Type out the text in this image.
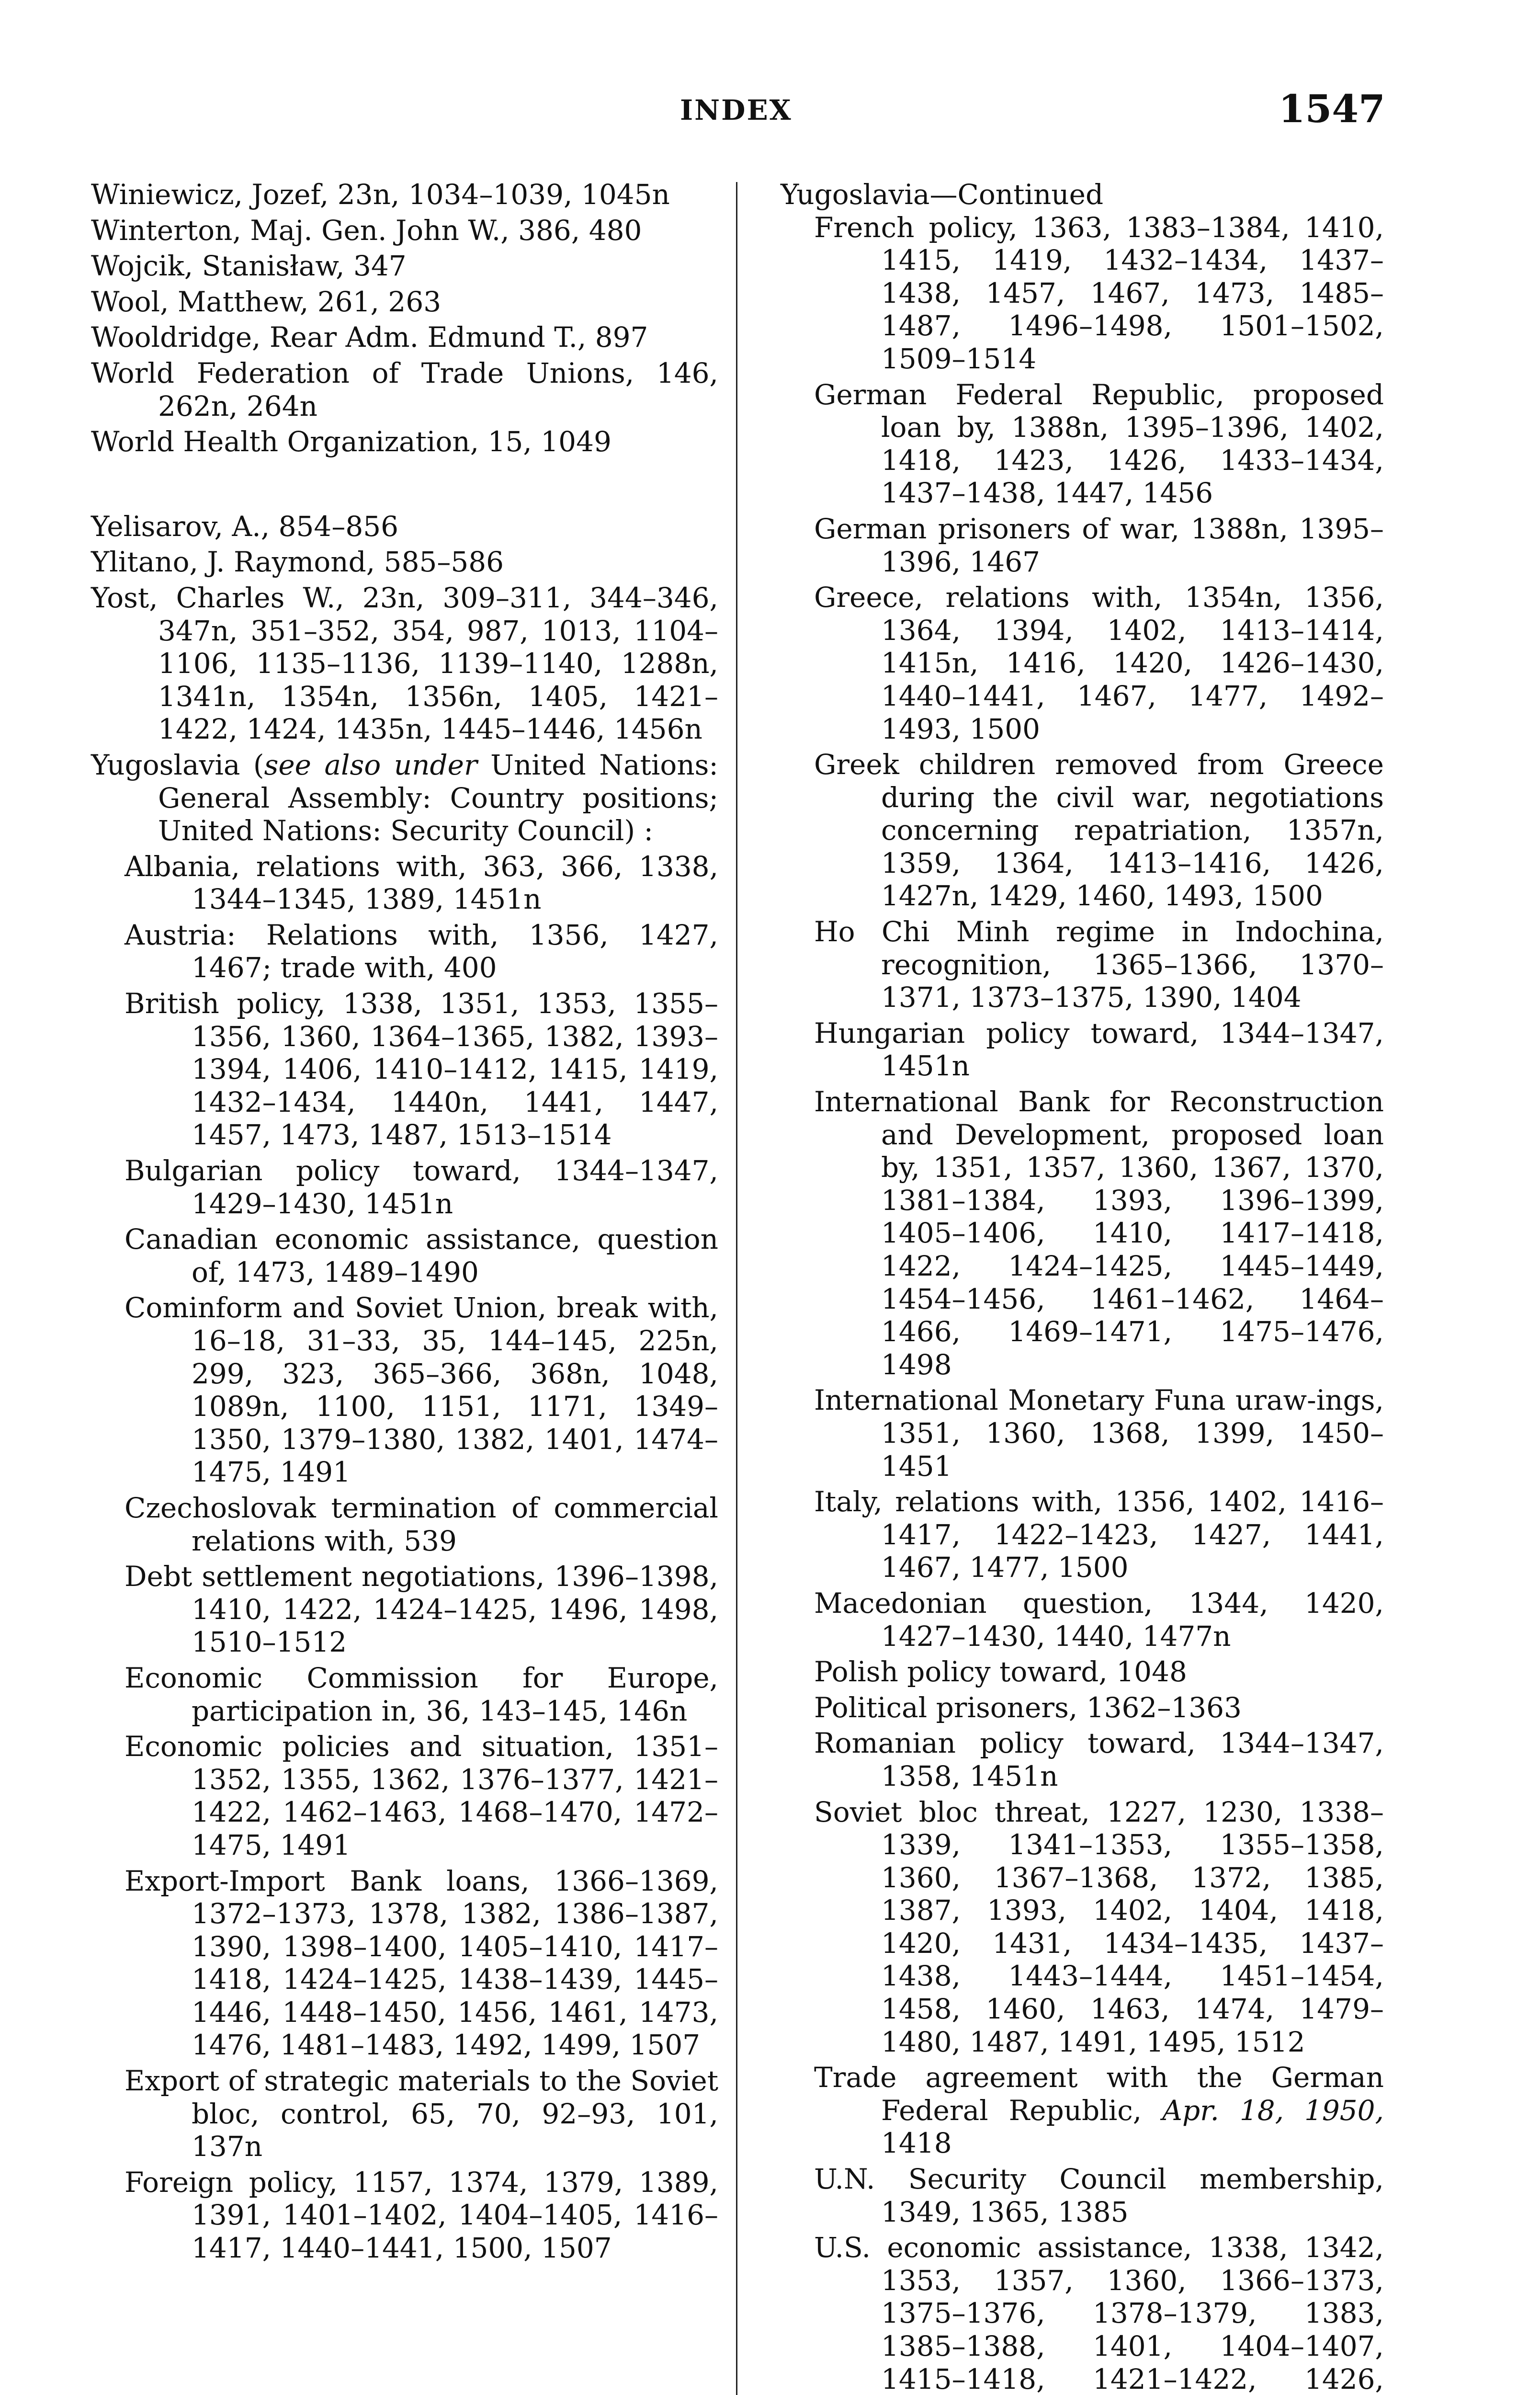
INDEX	1547

Winiewicz, Jozef, 23n, 1034–1039, 1045n

Winterton, Maj. Gen. John W., 386, 480

Wojcik, Stanisław, 347

Wool, Matthew, 261, 263

Wooldridge, Rear Adm. Edmund T., 897

World Federation of Trade Unions, 146, 262n, 264n

World Health Organization, 15, 1049

Yelisarov, A., 854–856

Ylitano, J. Raymond, 585–586

Yost, Charles W., 23n, 309–311, 344–346, 347n, 351–352, 354, 987, 1013, 1104–1106, 1135–1136, 1139–1140, 1288n, 1341n, 1354n, 1356n, 1405, 1421–1422, 1424, 1435n, 1445–1446, 1456n

Yugoslavia (see also under United Nations: General Assembly: Country positions; United Nations: Security Council) :

Albania, relations with, 363, 366, 1338, 1344–1345, 1389, 1451n

Austria: Relations with, 1356, 1427, 1467; trade with, 400

British policy, 1338, 1351, 1353, 1355–1356, 1360, 1364–1365, 1382, 1393–1394, 1406, 1410–1412, 1415, 1419, 1432–1434, 1440n, 1441, 1447, 1457, 1473, 1487, 1513–1514

Bulgarian policy toward, 1344–1347, 1429–1430, 1451n

Canadian economic assistance, question of, 1473, 1489–1490

Cominform and Soviet Union, break with, 16–18, 31–33, 35, 144–145, 225n, 299, 323, 365–366, 368n, 1048, 1089n, 1100, 1151, 1171, 1349–1350, 1379–1380, 1382, 1401, 1474–1475, 1491

Czechoslovak termination of commercial relations with, 539

Debt settlement negotiations, 1396–1398, 1410, 1422, 1424–1425, 1496, 1498, 1510–1512

Economic Commission for Europe, participation in, 36, 143–145, 146n

Economic policies and situation, 1351–1352, 1355, 1362, 1376–1377, 1421–1422, 1462–1463, 1468–1470, 1472–1475, 1491

Export-Import Bank loans, 1366–1369, 1372–1373, 1378, 1382, 1386–1387, 1390, 1398–1400, 1405–1410, 1417–1418, 1424–1425, 1438–1439, 1445–1446, 1448–1450, 1456, 1461, 1473, 1476, 1481–1483, 1492, 1499, 1507

Export of strategic materials to the Soviet bloc, control, 65, 70, 92–93, 101, 137n

Foreign policy, 1157, 1374, 1379, 1389, 1391, 1401–1402, 1404–1405, 1416–1417, 1440–1441, 1500, 1507

Yugoslavia—Continued

French policy, 1363, 1383–1384, 1410, 1415, 1419, 1432–1434, 1437–1438, 1457, 1467, 1473, 1485–1487, 1496–1498, 1501–1502, 1509–1514

German Federal Republic, proposed loan by, 1388n, 1395–1396, 1402, 1418, 1423, 1426, 1433–1434, 1437–1438, 1447, 1456

German prisoners of war, 1388n, 1395–1396, 1467

Greece, relations with, 1354n, 1356, 1364, 1394, 1402, 1413–1414, 1415n, 1416, 1420, 1426–1430, 1440–1441, 1467, 1477, 1492–1493, 1500

Greek children removed from Greece during the civil war, negotiations concerning repatriation, 1357n, 1359, 1364, 1413–1416, 1426, 1427n, 1429, 1460, 1493, 1500

Ho Chi Minh regime in Indochina, recognition, 1365–1366, 1370–1371, 1373–1375, 1390, 1404

Hungarian policy toward, 1344–1347, 1451n

International Bank for Reconstruction and Development, proposed loan by, 1351, 1357, 1360, 1367, 1370, 1381–1384, 1393, 1396–1399, 1405–1406, 1410, 1417–1418, 1422, 1424–1425, 1445–1449, 1454–1456, 1461–1462, 1464–1466, 1469–1471, 1475–1476, 1498

International Monetary Funa uraw-ings, 1351, 1360, 1368, 1399, 1450–1451

Italy, relations with, 1356, 1402, 1416–1417, 1422–1423, 1427, 1441, 1467, 1477, 1500

Macedonian question, 1344, 1420, 1427–1430, 1440, 1477n

Polish policy toward, 1048

Political prisoners, 1362–1363

Romanian policy toward, 1344–1347, 1358, 1451n

Soviet bloc threat, 1227, 1230, 1338–1339, 1341–1353, 1355–1358, 1360, 1367–1368, 1372, 1385, 1387, 1393, 1402, 1404, 1418, 1420, 1431, 1434–1435, 1437–1438, 1443–1444, 1451–1454, 1458, 1460, 1463, 1474, 1479–1480, 1487, 1491, 1495, 1512

Trade agreement with the German Federal Republic, Apr. 18, 1950, 1418

U.N. Security Council membership, 1349, 1365, 1385

U.S. economic assistance, 1338, 1342, 1353, 1357, 1360, 1366–1373, 1375–1376, 1378–1379, 1383, 1385–1388, 1401, 1404–1407, 1415–1418, 1421–1422, 1426,
